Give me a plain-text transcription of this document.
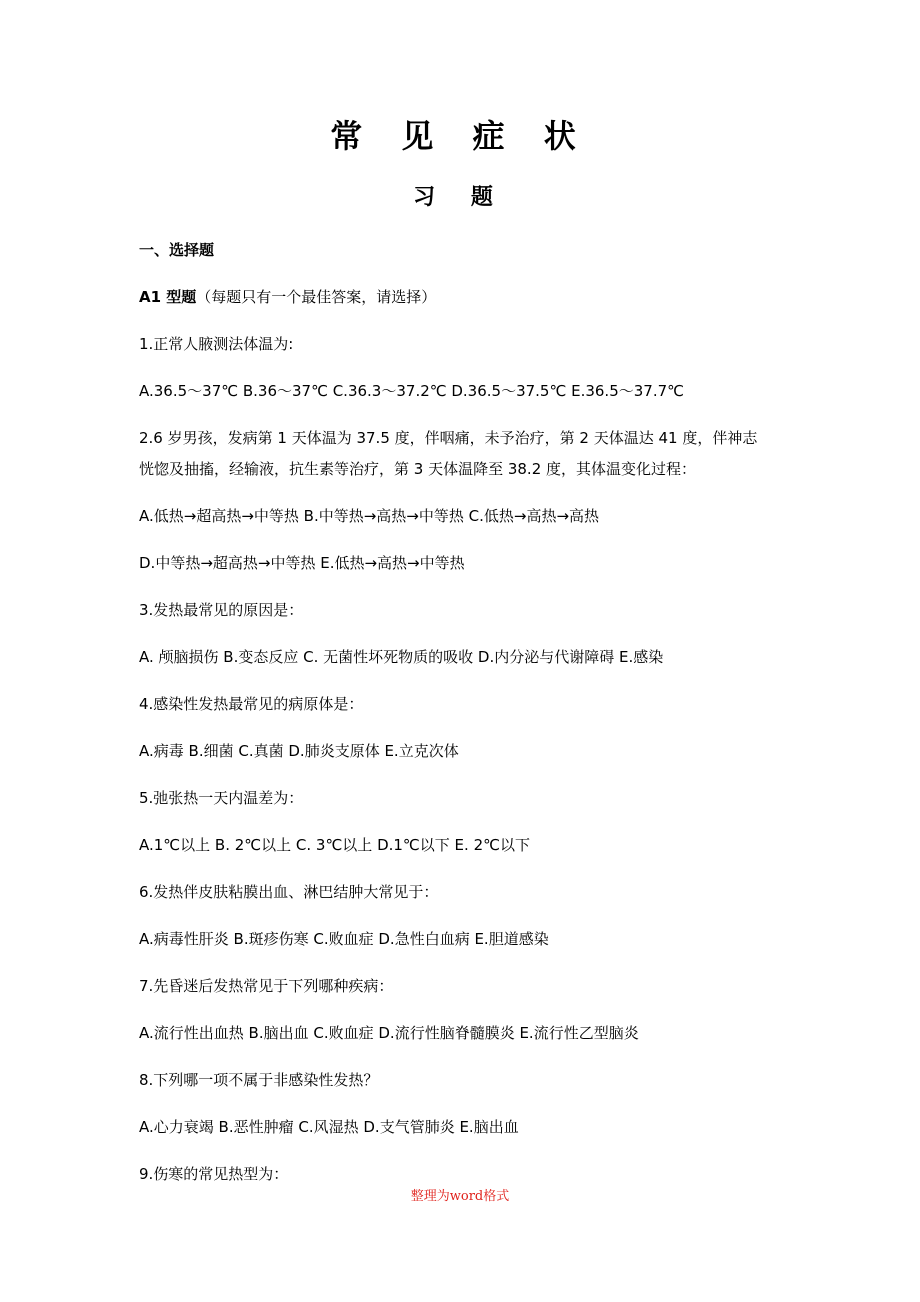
常 见 症 状
习 题
一、选择题
A1 型题（每题只有一个最佳答案，请选择）
1.正常人腋测法体温为:
A.36.5～37℃ B.36～37℃ C.36.3～37.2℃ D.36.5～37.5℃ E.36.5～37.7℃
2.6 岁男孩，发病第 1 天体温为 37.5 度，伴咽痛，未予治疗，第 2 天体温达 41 度，伴神志
恍惚及抽搐，经输液，抗生素等治疗，第 3 天体温降至 38.2 度，其体温变化过程：
A.低热→超高热→中等热 B.中等热→高热→中等热 C.低热→高热→高热
D.中等热→超高热→中等热 E.低热→高热→中等热
3.发热最常见的原因是：
A. 颅脑损伤 B.变态反应 C. 无菌性坏死物质的吸收 D.内分泌与代谢障碍 E.感染
4.感染性发热最常见的病原体是：
A.病毒 B.细菌 C.真菌 D.肺炎支原体 E.立克次体
5.弛张热一天内温差为：
A.1℃以上 B. 2℃以上 C. 3℃以上 D.1℃以下 E. 2℃以下
6.发热伴皮肤粘膜出血、淋巴结肿大常见于：
A.病毒性肝炎 B.斑疹伤寒 C.败血症 D.急性白血病 E.胆道感染
7.先昏迷后发热常见于下列哪种疾病：
A.流行性出血热 B.脑出血 C.败血症 D.流行性脑脊髓膜炎 E.流行性乙型脑炎
8.下列哪一项不属于非感染性发热？
A.心力衰竭 B.恶性肿瘤 C.风湿热 D.支气管肺炎 E.脑出血
9.伤寒的常见热型为：
整理为word格式
